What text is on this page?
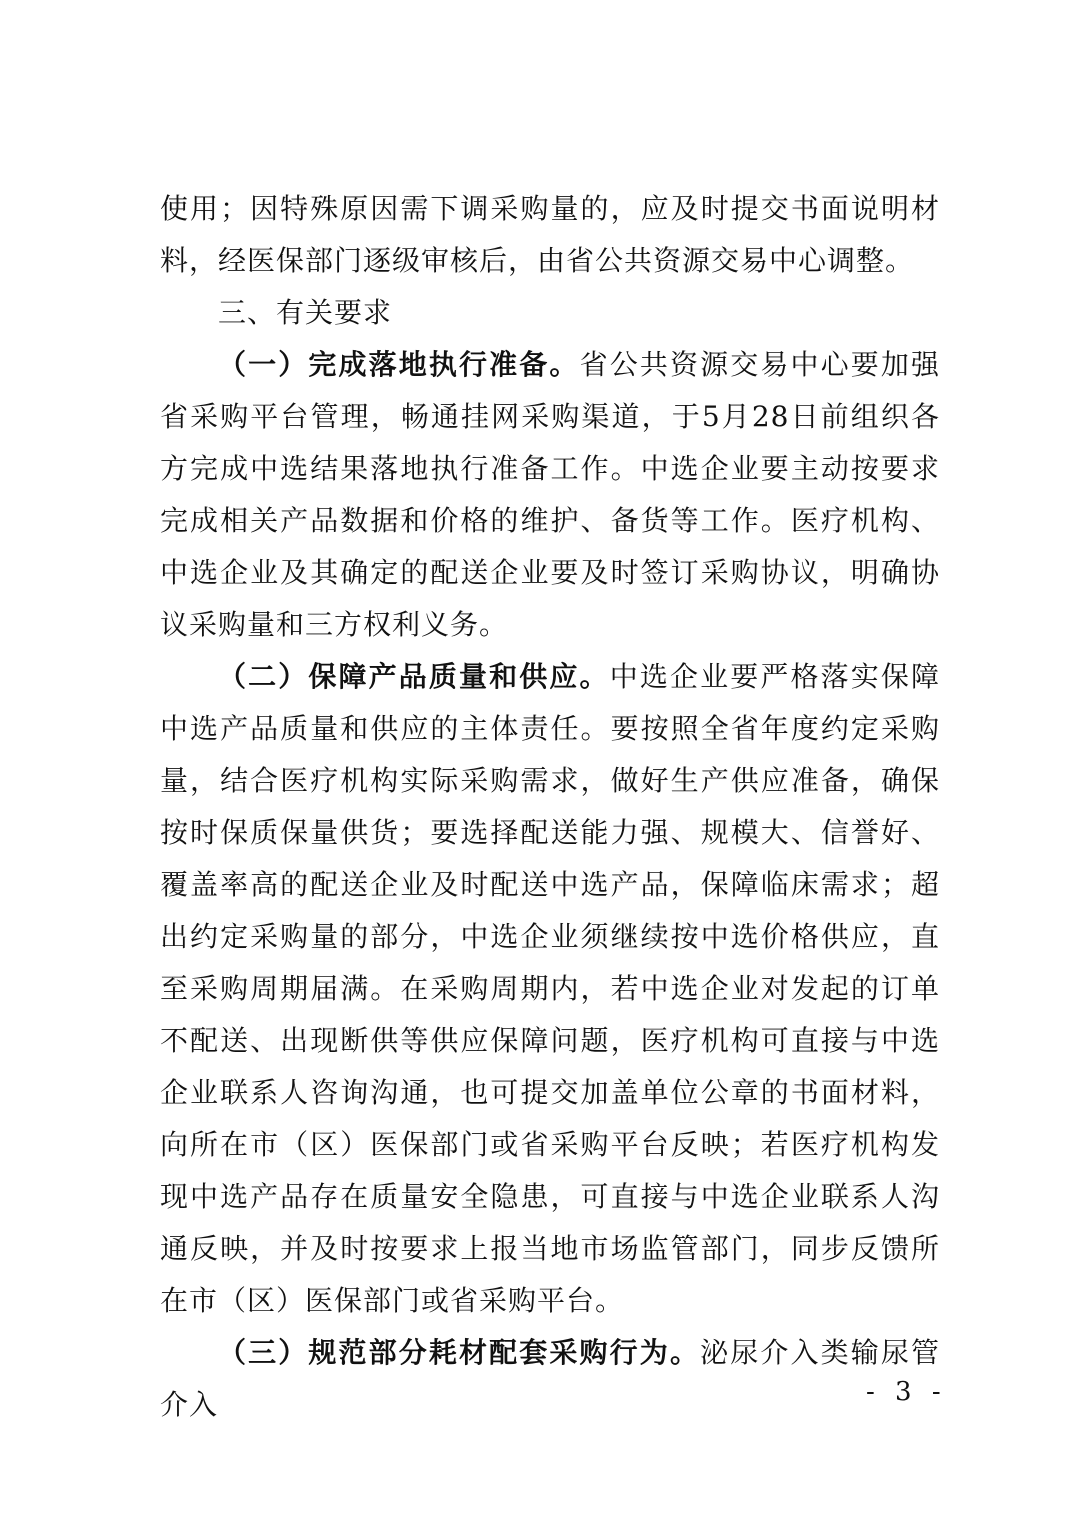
使用；因特殊原因需下调采购量的，应及时提交书面说明材料，经医保部门逐级审核后，由省公共资源交易中心调整。

三、有关要求

（一）完成落地执行准备。省公共资源交易中心要加强省采购平台管理，畅通挂网采购渠道，于5月28日前组织各方完成中选结果落地执行准备工作。中选企业要主动按要求完成相关产品数据和价格的维护、备货等工作。医疗机构、中选企业及其确定的配送企业要及时签订采购协议，明确协议采购量和三方权利义务。

（二）保障产品质量和供应。中选企业要严格落实保障中选产品质量和供应的主体责任。要按照全省年度约定采购量，结合医疗机构实际采购需求，做好生产供应准备，确保按时保质保量供货；要选择配送能力强、规模大、信誉好、覆盖率高的配送企业及时配送中选产品，保障临床需求；超出约定采购量的部分，中选企业须继续按中选价格供应，直至采购周期届满。在采购周期内，若中选企业对发起的订单不配送、出现断供等供应保障问题，医疗机构可直接与中选企业联系人咨询沟通，也可提交加盖单位公章的书面材料，向所在市（区）医保部门或省采购平台反映；若医疗机构发现中选产品存在质量安全隐患，可直接与中选企业联系人沟通反映，并及时按要求上报当地市场监管部门，同步反馈所在市（区）医保部门或省采购平台。

（三）规范部分耗材配套采购行为。泌尿介入类输尿管介入	- 3 -
